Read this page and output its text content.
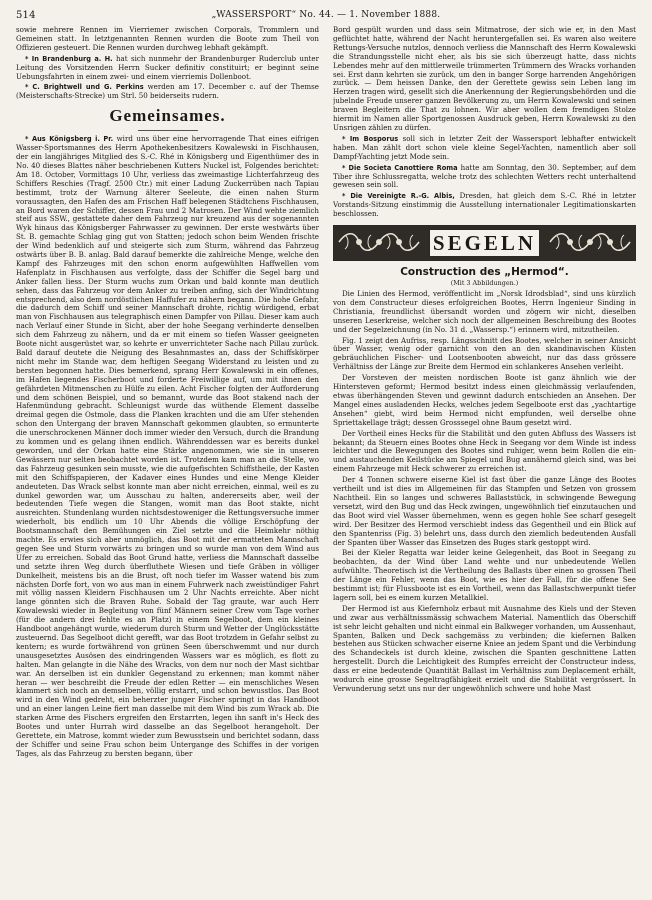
514	„WASSERSPORT“ No. 44. — 1. November 1888.

sowie mehrere Rennen im Vierriemer zwischen Corporals, Trommlern und Gemeinen statt. In letztgenannten Rennen wurden die Boote zum Theil von Offizieren gesteuert. Die Rennen wurden durchweg lebhaft gekämpft.

* In Brandenburg a. H. hat sich nunmehr der Brandenburger Ruderclub unter Leitung des Vorsitzenden Herrn Sucker definitiv constituirt; er beginnt seine Uebungsfahrten in einem zwei- und einem vierriemis Dollenboot.

* C. Brightwell und G. Perkins werden am 17. December c. auf der Themse (Meisterschafts-Strecke) um Strl. 50 beiderseits rudern.

Gemeinsames.

* Aus Königsberg i. Pr. wird uns über eine hervorragende That eines eifrigen Wasser-Sportsmannes des Herrn Apothekenbesitzers Kowalewski in Fischhausen, der ein langjähriges Mitglied des S.-C. Rhé in Königsberg und Eigenthümer des in No. 40 dieses Blattes näher beschriebenen Kutters Nuckel ist, Folgendes berichtet: Am 18. October, Vormittags 10 Uhr, verliess das zweimastige Lichterfahrzeug des Schiffers Reschies (Tragf. 2500 Ctr.) mit einer Ladung Zuckerrüben nach Tapiau bestimmt, trotz der Warnung älterer Seeleute, die einen nahen Sturm voraussagten, den Hafen des am Frischen Haff belegenen Städtchens Fischhausen, an Bord waren der Schiffer, dessen Frau und 2 Matrosen. Der Wind wehte ziemlich steif aus SSW., gestattete daher dem Fahrzeug nur kreuzend aus der sogenannten Wyk hinaus das Königsberger Fahrwasser zu gewinnen. Der erste westwärts über St. B. gemachte Schlag ging gut von Statten; jedoch schon beim Wenden frischte der Wind bedenklich auf und steigerte sich zum Sturm, während das Fahrzeug ostwärts über B. B. anlag. Bald darauf bemerkte die zahlreiche Menge, welche den Kampf des Fahrzeuges mit den schon enorm aufgewühlten Haffwellen vom Hafenplatz in Fischhausen aus verfolgte, dass der Schiffer die Segel barg und Anker fallen liess. Der Sturm wuchs zum Orkan und bald konnte man deutlich sehen, dass das Fahrzeug vor dem Anker zu treiben anfing, sich der Windrichtung entsprechend, also dem nordöstlichen Haffufer zu nähern begann. Die hohe Gefahr, die dadurch dem Schiff und seiner Mannschaft drohte, richtig würdigend, erbat man von Fischhausen aus telegraphisch einen Dampfer von Pillau. Dieser kam auch nach Verlauf einer Stunde in Sicht, aber der hohe Seegang verhinderte denselben sich dem Fahrzeug zu nähern, und da er mit einem so tiefen Wasser geeigneten Boote nicht ausgerüstet war, so kehrte er unverrichteter Sache nach Pillau zurück. Bald darauf deutete die Neigung des Besahnmastes an, dass der Schiffskörper nicht mehr im Stande war, dem heftigen Seegang Widerstand zu leisten und zu bersten begonnen hatte. Dies bemerkend, sprang Herr Kowalewski in ein offenes, im Hafen liegendes Fischerboot und forderte Freiwillige auf, um mit ihnen den gefährdeten Mitmenschen zu Hülfe zu eilen. Acht Fischer folgten der Aufforderung und dem schönen Beispiel, und so bemannt, wurde das Boot stakend nach der Hafenmündung gebracht. Schleunigst wurde das wüthende Element dasselbe dreimal gegen die Ostmole, dass die Planken krachten und die am Ufer stehenden schon den Untergang der braven Mannschaft gekommen glaubten, so ermunterte die unerschrockenen Männer doch immer wieder den Versuch, durch die Brandung zu kommen und es gelang ihnen endlich. Währenddessen war es bereits dunkel geworden, und der Orkan hatte eine Stärke angenommen, wie sie in unseren Gewässern nur selten beobachtet worden ist. Trotzdem kam man an die Stelle, wo das Fahrzeug gesunken sein musste, wie die aufgefischten Schiffstheile, der Kasten mit den Schiffspapieren, der Kadaver eines Hundes und eine Menge Kleider andeuteten. Das Wrack selbst konnte man aber nicht erreichen, einmal, weil es zu dunkel geworden war, um Ausschau zu halten, andererseits aber, weil der bedeutenden Tiefe wegen die Stangen, womit man das Boot stakte, nicht ausreichten. Stundenlang wurden nichtsdestoweniger die Rettungsversuche immer wiederholt, bis endlich um 10 Uhr Abends die völlige Erschöpfung der Bootsmannschaft den Bemühungen ein Ziel setzte und die Heimkehr nöthig machte. Es erwies sich aber unmöglich, das Boot mit der ermatteten Mannschaft gegen See und Sturm vorwärts zu bringen und so wurde man von dem Wind aus Ufer zu erreichen. Sobald das Boot Grund hatte, verliess die Mannschaft dasselbe und setzte ihren Weg durch überfluthete Wiesen und tiefe Gräben in völliger Dunkelheit, meistens bis an die Brust, oft noch tiefer im Wasser watend bis zum nächsten Dorfe fort, von wo aus man in einem Fuhrwerk nach zweistündiger Fahrt mit völlig nassen Kleidern Fischhausen um 2 Uhr Nachts erreichte. Aber nicht lange gönnten sich die Braven Ruhe. Sobald der Tag graute, war auch Herr Kowalewski wieder in Begleitung von fünf Männern seiner Crew vom Tage vorher (für die andern drei fehlte es an Platz) in einem Segelboot, dem ein kleines Handboot angehängt wurde, wiederum durch Sturm und Wetter der Unglücksstätte zusteuernd. Das Segelboot dicht gerefft, war das Boot trotzdem in Gefahr selbst zu kentern; es wurde fortwährend von grünen Seen überschwemmt und nur durch unausgesetztes Ausösen des eindringenden Wassers war es möglich, es flott zu halten. Man gelangte in die Nähe des Wracks, von dem nur noch der Mast sichtbar war. An derselben ist ein dunkler Gegenstand zu erkennen; man kommt näher heran — wer beschreibt die Freude der edlen Retter — ein menschliches Wesen klammert sich noch an demselben, völlig erstarrt, und schon bewusstlos. Das Boot wird in den Wind gedreht, ein beherzter junger Fischer springt in das Handboot und an einer langen Leine fiert man dasselbe mit dem Wind bis zum Wrack ab. Die starken Arme des Fischers ergreifen den Erstarrten, legen ihn sanft in's Heck des Bootes und unter Hurrah wird dasselbe an das Segelboot herangeholt. Der Gerettete, ein Matrose, kommt wieder zum Bewusstsein und berichtet sodann, dass der Schiffer und seine Frau schon beim Untergange des Schiffes in der vorigen Tages, als das Fahrzeug zu bersten begann, über

Bord gespült wurden und dass sein Mitmatrose, der sich wie er, in den Mast geflüchtet hatte, während der Nacht heruntergefallen sei. Es waren also weitere Rettungs-Versuche nutzlos, dennoch verliess die Mannschaft des Herrn Kowalewski die Strandungsstelle nicht eher, als bis sie sich überzeugt hatte, dass nichts Lebendes mehr auf den mittlerweile trümmerten Trümmern des Wracks vorhanden sei. Erst dann kehrten sie zurück, um den in banger Sorge harrenden Angehörigen zurück. — Dem heissen Danke, den der Gerettete gewiss sein Leben lang im Herzen tragen wird, gesellt sich die Anerkennung der Regierungsbehörden und die jubelnde Freude unserer ganzen Bevölkerung zu, um Herrn Kowalewski und seinen braven Begleitern die That zu lohnen. Wir aber wollen dem fremdigen Stolze hiermit im Namen aller Sportgenossen Ausdruck geben, Herrn Kowalewski zu den Unsrigen zählen zu dürfen.

* Im Bosporus soll sich in letzter Zeit der Wassersport lebhafter entwickelt haben. Man zählt dort schon viele kleine Segel-Yachten, namentlich aber soll Dampf-Yachting jetzt Mode sein.

* Die Societa Canottiere Roma hatte am Sonntag, den 30. September, auf dem Tiber ihre Schlussregatta, welche trotz des schlechten Wetters recht unterhaltend gewesen sein soll.

* Die Vereinigte R.-G. Albis, Dresden, hat gleich dem S.-C. Rhé in letzter Vorstands-Sitzung einstimmig die Ausstellung internationaler Legitimationskarten beschlossen.

SEGELN
Construction des „Hermod“.
(Mit 3 Abbildungen.)

Die Linien des Hermod, veröffentlicht im „Norsk Idrodsblad“, sind uns kürzlich von dem Constructeur dieses erfolgreichen Bootes, Herrn Ingenieur Sinding in Christiania, freundlichst übersandt worden und zögern wir nicht, dieselben unseren Leserkreise, welcher sich noch der allgemeinen Beschreibung des Bootes und der Segelzeichnung (in No. 31 d. „Wassersp.“) erinnern wird, mitzutheilen.

Fig. 1 zeigt den Aufriss, resp. Längsschnitt des Bootes, welcher in seiner Ansicht über Wasser, wenig oder garnicht von den an den skandinavischen Küsten gebräuchlichen Fischer- und Lootsenbooten abweicht, nur das dass grössere Verhältniss der Länge zur Breite dem Hermod ein schlankeres Ansehen verleiht.

Der Vorsteven der meisten nordischen Boote ist ganz ähnlich wie der Hintersteven geformt; Hermod besitzt indess einen gleichmässig verlaufenden, etwas überhängenden Steven und gewinnt dadurch entschieden an Ansehen. Der Mangel eines ausladenden Hecks, welches jedem Segelboote erst das „yachtartige Ansehen“ giebt, wird beim Hermod nicht empfunden, weil derselbe ohne Spriettakellage trägt; dessen Grosssegel ohne Baum gesetzt wird.

Der Vortheil eines Hecks für die Stabilität und den guten Abfluss des Wassers ist bekannt; da Steuern eines Bootes ohne Heck in Seegang vor dem Winde ist indess leichter und die Bewegungen des Bootes sind ruhiger, wenn beim Rollen die ein- und austauchenden Keilstücke am Spiegel und Bug annähernd gleich sind, was bei einem Fahrzeuge mit Heck schwerer zu erreichen ist.

Der 4 Tonnen schwere eiserne Kiel ist fast über die ganze Länge des Bootes vertheilt und ist dies im Allgemeinen für das Stampfen und Setzen von grossem Nachtheil. Ein so langes und schweres Ballaststück, in schwingende Bewegung versetzt, wird den Bug und das Heck zwingen, ungewöhnlich tief einzutauchen und das Boot wird viel Wasser übernehmen, wenn es gegen hohle See scharf gesegelt wird. Der Besitzer des Hermod verschiebt indess das Gegentheil und ein Blick auf den Spantenriss (Fig. 3) belehrt uns, dass durch den ziemlich bedeutenden Ausfall der Spanten über Wasser das Einsetzen des Buges stark gestoppt wird.

Bei der Kieler Regatta war leider keine Gelegenheit, das Boot in Seegang zu beobachten, da der Wind über Land wehte und nur unbedeutende Wellen aufwühlte. Theoretisch ist die Vertheilung des Ballasts über einen so grossen Theil der Länge ein Fehler, wenn das Boot, wie es hier der Fall, für die offene See bestimmt ist; für Flussboote ist es ein Vortheil, wenn das Ballastschwerpunkt tiefer lagern soll, bei es einem kurzen Metallkiel.

Der Hermod ist aus Kiefernholz erbaut mit Ausnahme des Kiels und der Steven und zwar aus verhältnissmässig schwachem Material. Namentlich das Oberschiff ist sehr leicht gehalten und nicht einmal ein Balkweger vorhanden, um Aussenhaut, Spanten, Balken und Deck sachgemäss zu verbinden; die kiefernen Balken bestehen aus Stücken schwacher eiserne Kniee an jedem Spant und die Verbindung des Schandeckels ist durch kleine, zwischen die Spanten geschnittene Latten hergestellt. Durch die Leichtigkeit des Rumpfes erreicht der Constructeur indess, dass er eine bedeutende Quantität Ballast im Verhältniss zum Deplacement erhält, wodurch eine grosse Segeltragfähigkeit erzielt und die Stabilität vergrössert. In Verwunderung setzt uns nur der ungewöhnlich schwere und hohe Mast
